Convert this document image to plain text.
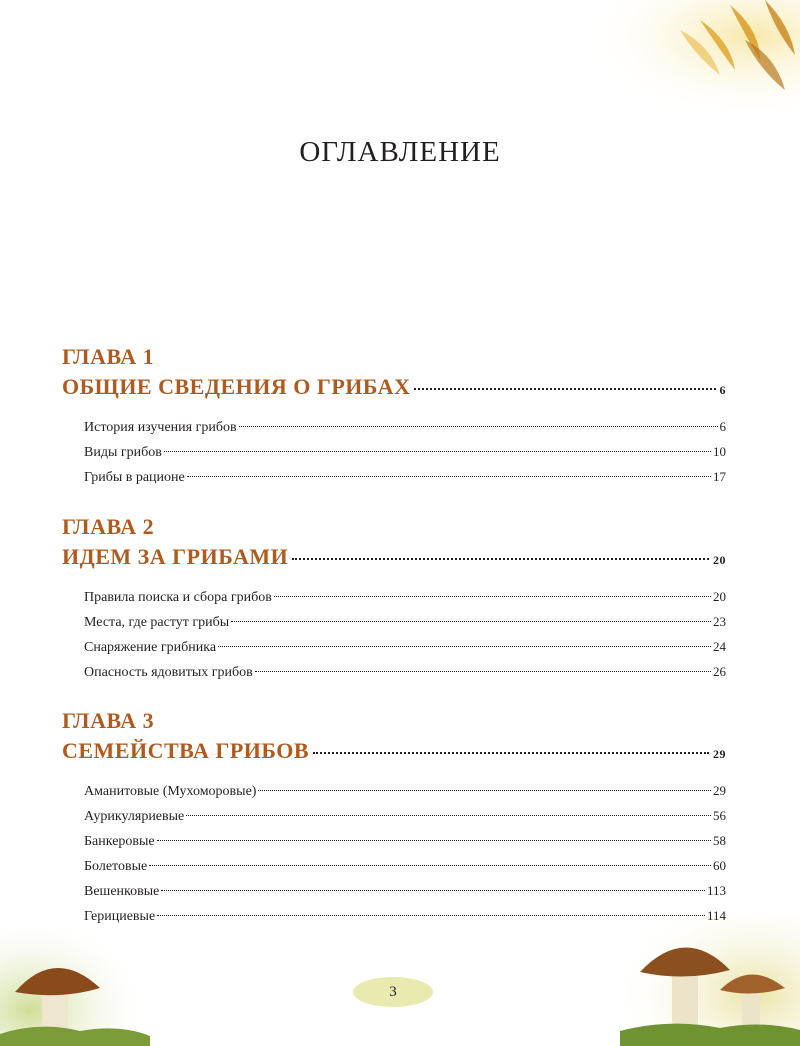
ОГЛАВЛЕНИЕ
ГЛАВА 1
ОБЩИЕ СВЕДЕНИЯ О ГРИБАХ	6
История изучения грибов	6
Виды грибов	10
Грибы в рационе	17
ГЛАВА 2
ИДЕМ ЗА ГРИБАМИ	20
Правила поиска и сбора грибов	20
Места, где растут грибы	23
Снаряжение грибника	24
Опасность ядовитых грибов	26
ГЛАВА 3
СЕМЕЙСТВА ГРИБОВ	29
Аманитовые (Мухоморовые)	29
Аурикуляриевые	56
Банкеровые	58
Болетовые	60
Вешенковые	113
Герициевые	114
3
